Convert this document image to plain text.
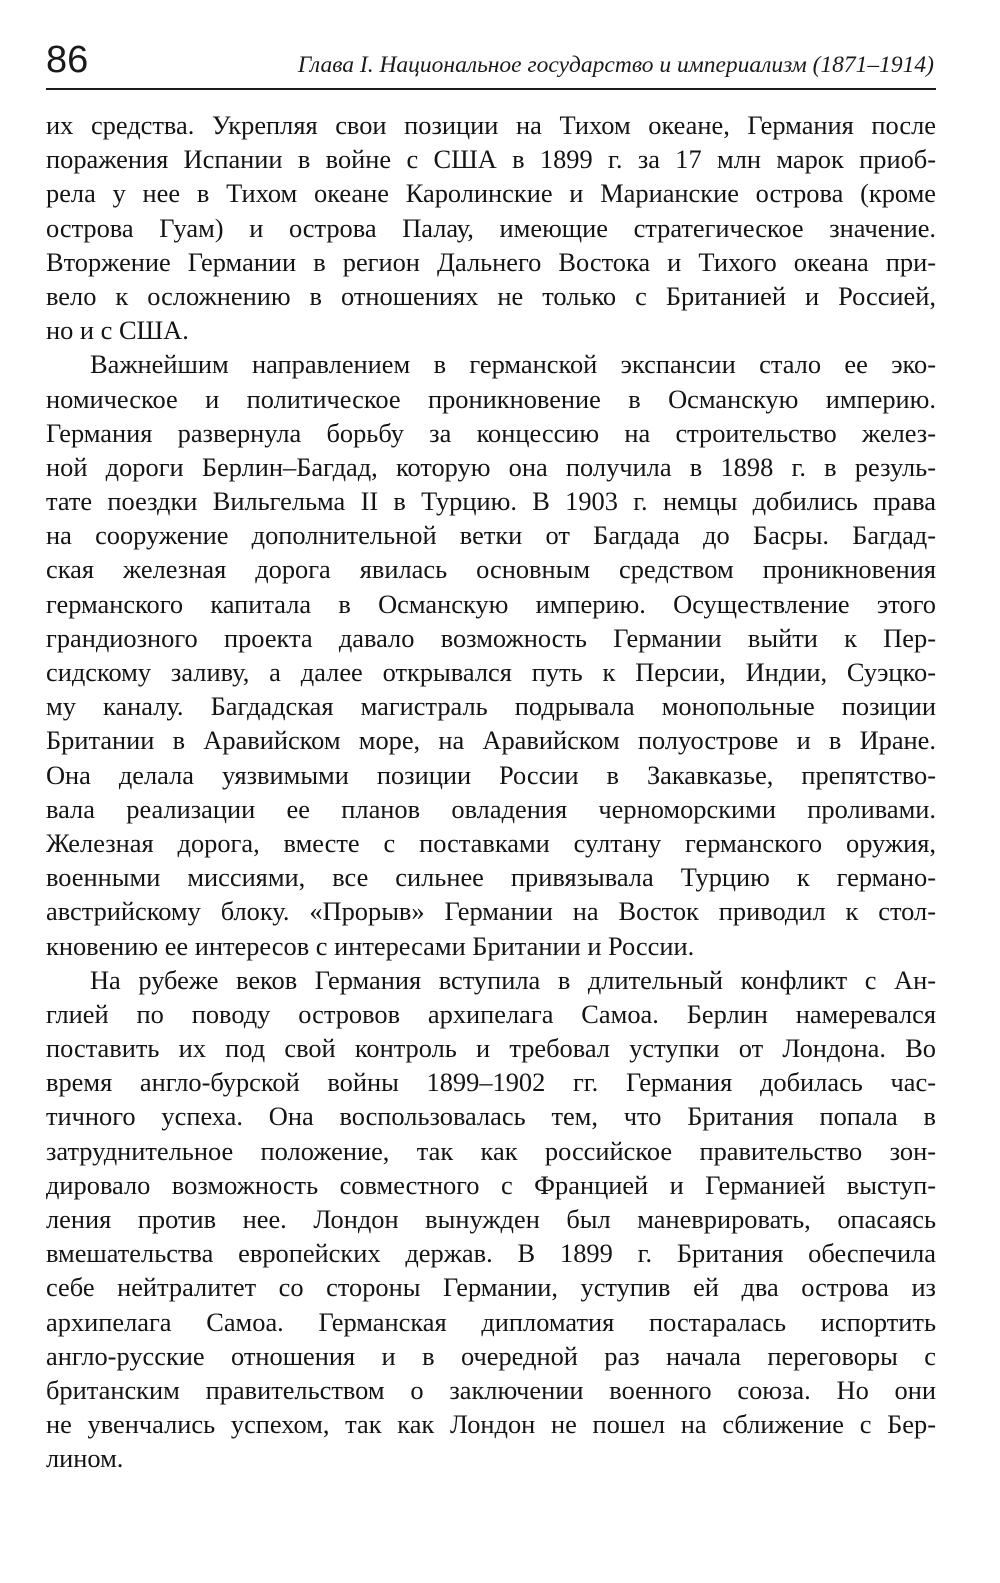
86	Глава I. Национальное государство и империализм (1871–1914)
их средства. Укрепляя свои позиции на Тихом океане, Германия после
поражения Испании в войне с США в 1899 г. за 17 млн марок приоб-
рела у нее в Тихом океане Каролинские и Марианские острова (кроме
острова Гуам) и острова Палау, имеющие стратегическое значение.
Вторжение Германии в регион Дальнего Востока и Тихого океана при-
вело к осложнению в отношениях не только с Британией и Россией,
но и с США.
Важнейшим направлением в германской экспансии стало ее эко-
номическое и политическое проникновение в Османскую империю.
Германия развернула борьбу за концессию на строительство желез-
ной дороги Берлин–Багдад, которую она получила в 1898 г. в резуль-
тате поездки Вильгельма II в Турцию. В 1903 г. немцы добились права
на сооружение дополнительной ветки от Багдада до Басры. Багдад-
ская железная дорога явилась основным средством проникновения
германского капитала в Османскую империю. Осуществление этого
грандиозного проекта давало возможность Германии выйти к Пер-
сидскому заливу, а далее открывался путь к Персии, Индии, Суэцко-
му каналу. Багдадская магистраль подрывала монопольные позиции
Британии в Аравийском море, на Аравийском полуострове и в Иране.
Она делала уязвимыми позиции России в Закавказье, препятство-
вала реализации ее планов овладения черноморскими проливами.
Железная дорога, вместе с поставками султану германского оружия,
военными миссиями, все сильнее привязывала Турцию к германо-
австрийскому блоку. «Прорыв» Германии на Восток приводил к стол-
кновению ее интересов с интересами Британии и России.
На рубеже веков Германия вступила в длительный конфликт с Ан-
глией по поводу островов архипелага Самоа. Берлин намеревался
поставить их под свой контроль и требовал уступки от Лондона. Во
время англо-бурской войны 1899–1902 гг. Германия добилась час-
тичного успеха. Она воспользовалась тем, что Британия попала в
затруднительное положение, так как российское правительство зон-
дировало возможность совместного с Францией и Германией выступ-
ления против нее. Лондон вынужден был маневрировать, опасаясь
вмешательства европейских держав. В 1899 г. Британия обеспечила
себе нейтралитет со стороны Германии, уступив ей два острова из
архипелага Самоа. Германская дипломатия постаралась испортить
англо-русские отношения и в очередной раз начала переговоры с
британским правительством о заключении военного союза. Но они
не увенчались успехом, так как Лондон не пошел на сближение с Бер-
лином.
